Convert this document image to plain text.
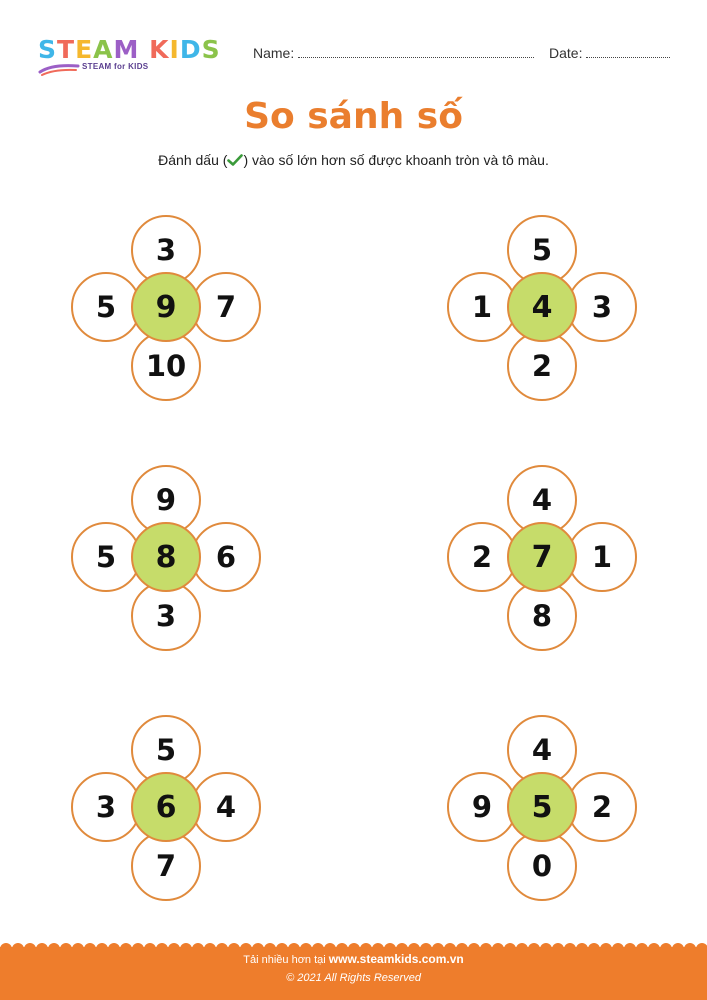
STEAM KIDS
STEAM for KIDS
Name:	Date:
So sánh số
Đánh dấu ( ) vào số lớn hơn số được khoanh tròn và tô màu.
3
5	7
10
9
5
1	3
2
4
9
5	6
3
8
4
2	1
8
7
5
3	4
7
6
4
9	2
0
5
Tải nhiều hơn tại www.steamkids.com.vn
© 2021 All Rights Reserved
